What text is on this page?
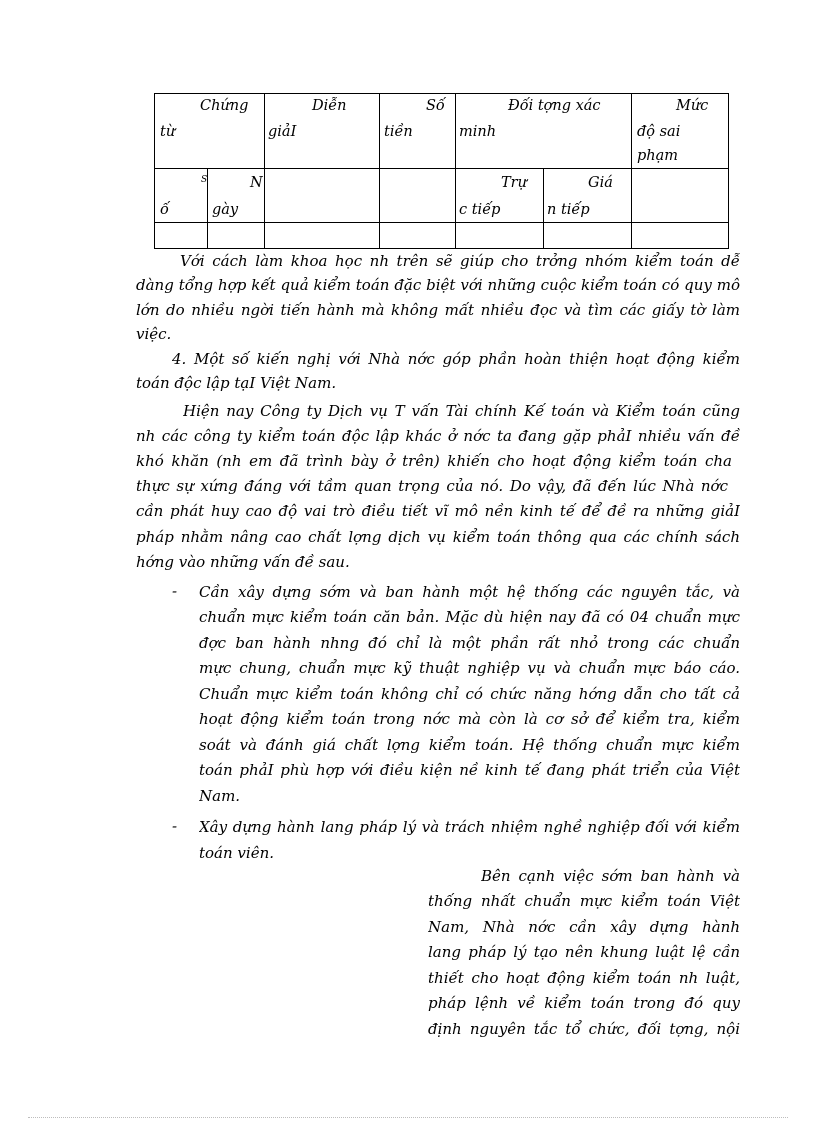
Chứng
từ
Diễn
giảI
Số
tiền
Đối tợng xác
minh
Mức
độ sai
phạm
S
ố
N
gày
Trự
c tiếp
Giá
n tiếp
Với cách làm khoa học nh trên sẽ giúp cho trởng nhóm kiểm toán dễ
dàng tổng hợp kết quả kiểm toán đặc biệt với những cuộc kiểm toán có quy mô
lớn do nhiều ngời tiến hành mà không mất nhiều đọc và tìm các giấy tờ làm
việc.
4. Một số kiến nghị với Nhà nớc góp phần hoàn thiện hoạt động kiểm
toán độc lập tạI Việt Nam.
Hiện nay Công ty Dịch vụ T vấn Tài chính Kế toán và Kiểm toán cũng
nh các công ty kiểm toán độc lập khác ở nớc ta đang gặp phảI nhiều vấn đề
khó khăn (nh em đã trình bày ở trên) khiến cho hoạt động kiểm toán cha
thực sự xứng đáng với tầm quan trọng của nó. Do vậy, đã đến lúc Nhà nớc
cần phát huy cao độ vai trò điều tiết vĩ mô nền kinh tế để đề ra những giảI
pháp nhằm nâng cao chất lợng dịch vụ kiểm toán thông qua các chính sách
hớng vào những vấn đề sau.
- Cần xây dựng sớm và ban hành một hệ thống các nguyên tắc, và
chuẩn mực kiểm toán căn bản. Mặc dù hiện nay đã có 04 chuẩn mực
đợc ban hành nhng đó chỉ là một phần rất nhỏ trong các chuẩn
mực chung, chuẩn mực kỹ thuật nghiệp vụ và chuẩn mực báo cáo.
Chuẩn mực kiểm toán không chỉ có chức năng hớng dẫn cho tất cả
hoạt động kiểm toán trong nớc mà còn là cơ sở để kiểm tra, kiểm
soát và đánh giá chất lợng kiểm toán. Hệ thống chuẩn mực kiểm
toán phảI phù hợp với điều kiện nề kinh tế đang phát triển của Việt
Nam.
- Xây dựng hành lang pháp lý và trách nhiệm nghề nghiệp đối với kiểm
toán viên.
Bên cạnh việc sớm ban hành và
thống nhất chuẩn mực kiểm toán Việt
Nam, Nhà nớc cần xây dựng hành
lang pháp lý tạo nên khung luật lệ cần
thiết cho hoạt động kiểm toán nh luật,
pháp lệnh về kiểm toán trong đó quy
định nguyên tắc tổ chức, đối tợng, nội
